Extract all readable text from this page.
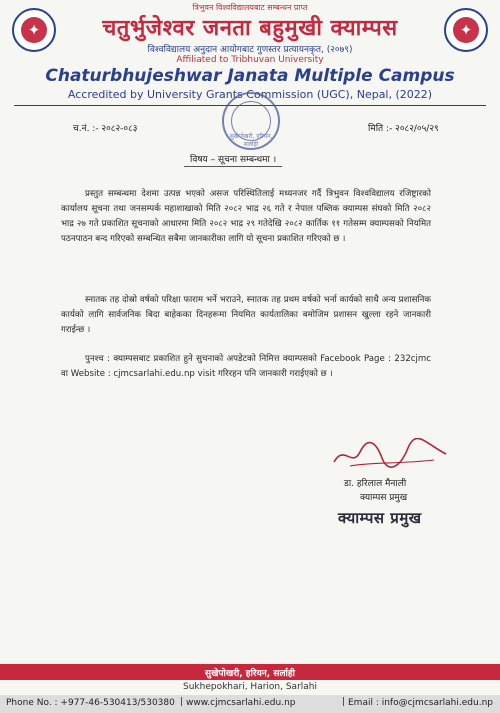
✦	✦
त्रिभुवन विश्वविद्यालयबाट सम्बन्धन प्राप्त
चतुर्भुजेश्वर जनता बहुमुखी क्याम्पस
विश्वविद्यालय अनुदान आयोगबाट गुणस्तर प्रत्यायनकृत, (२०७९)
Affiliated to Tribhuvan University
Chaturbhujeshwar Janata Multiple Campus
Accredited by University Grants Commission (UGC), Nepal, (2022)
सुखेपोखरी, हरियन, सर्लाही
च.नं. :- २०८२-०८३	मिति :- २०८२/०५/२९
विषय – सूचना सम्बन्धमा ।
प्रस्तुत सम्बन्धमा देशमा उत्पन्न भएको असज परिस्थितिलाई मध्यनजर गर्दै त्रिभुवन विश्वविद्यालय रजिष्ट्रारको कार्यालय सूचना तथा जनसम्पर्क महाशाखाको मिति २०८२ भाद्र २६ गते र नेपाल पब्लिक क्याम्पस संघको मिति २०८२ भाद्र २७ गते प्रकाशित सूचनाको आधारमा मिति २०८२ भाद्र २९ गतेदेखि २०८२ कार्तिक ११ गतेसम्म क्याम्पसको नियमित पठनपाठन बन्द गरिएको सम्बन्धित सबैमा जानकारीका लागि यो सूचना प्रकाशित गरिएको छ ।
स्नातक तह दोस्रो वर्षको परिक्षा फाराम भर्ने भराउने, स्नातक तह प्रथम वर्षको भर्ना कार्यको साथै अन्य प्रशासनिक कार्यको लागि सार्वजनिक बिदा बाहेकका दिनहरूमा नियमित कार्यतालिका बमोजिम प्रशासन खुल्ला रहने जानकारी गराईन्छ ।
पुनश्च : क्याम्पसबाट प्रकाशित हुने सुचनाको अपडेटको निमित्त क्याम्पसको Facebook Page : 232cjmc वा Website : cjmcsarlahi.edu.np visit गरिरहन पनि जानकारी गराईएको छ ।
डा. हरिलाल मैनाली
क्याम्पस प्रमुख
क्याम्पस प्रमुख
सुखेपोखरी, हरियन, सर्लाही
Sukhepokhari, Harion, Sarlahi
Phone No. : +977-46-530413/530380 | www.cjmcsarlahi.edu.np	| Email : info@cjmcsarlahi.edu.np
